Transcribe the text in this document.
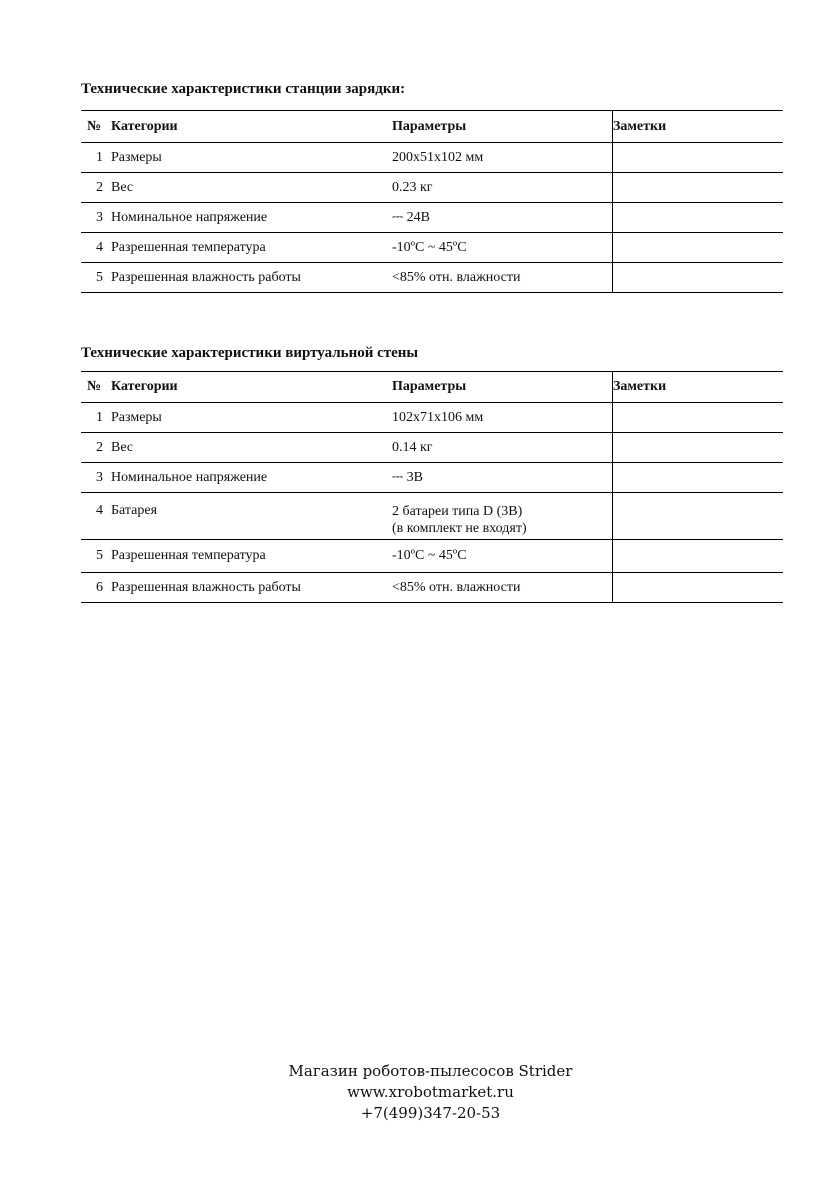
Технические характеристики станции зарядки:
№	Категории	Параметры	Заметки
1	Размеры	200x51x102 мм	
2	Вес	0.23 кг	
3	Номинальное напряжение	⎓ 24В	
4	Разрешенная температура	-10ºC ~ 45ºC	
5	Разрешенная влажность работы	<85% отн. влажности	
Технические характеристики виртуальной стены
№	Категории	Параметры	Заметки
1	Размеры	102x71x106 мм	
2	Вес	0.14 кг	
3	Номинальное напряжение	⎓ 3В	
4	Батарея	2 батареи типа D (3В)
(в комплект не входят)	

5	Разрешенная температура	-10ºC ~ 45ºC	
6	Разрешенная влажность работы	<85% отн. влажности	
Магазин роботов-пылесосов Strider
www.xrobotmarket.ru
+7(499)347-20-53
